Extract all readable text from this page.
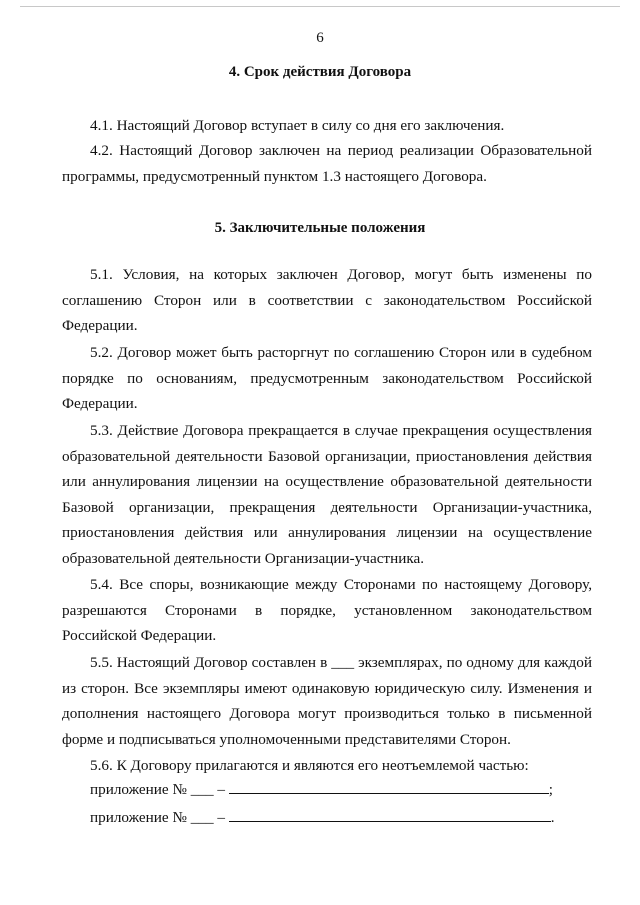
6
4. Срок действия Договора
4.1. Настоящий Договор вступает в силу со дня его заключения.
4.2. Настоящий Договор заключен на период реализации Образовательной программы, предусмотренный пунктом 1.3 настоящего Договора.
5. Заключительные положения
5.1. Условия, на которых заключен Договор, могут быть изменены по соглашению Сторон или в соответствии с законодательством Российской Федерации.
5.2. Договор может быть расторгнут по соглашению Сторон или в судебном порядке по основаниям, предусмотренным законодательством Российской Федерации.
5.3. Действие Договора прекращается в случае прекращения осуществления образовательной деятельности Базовой организации, приостановления действия или аннулирования лицензии на осуществление образовательной деятельности Базовой организации, прекращения деятельности Организации-участника, приостановления действия или аннулирования лицензии на осуществление образовательной деятельности Организации-участника.
5.4. Все споры, возникающие между Сторонами по настоящему Договору, разрешаются Сторонами в порядке, установленном законодательством Российской Федерации.
5.5. Настоящий Договор составлен в ___ экземплярах, по одному для каждой из сторон. Все экземпляры имеют одинаковую юридическую силу. Изменения и дополнения настоящего Договора могут производиться только в письменной форме и подписываться уполномоченными представителями Сторон.
5.6. К Договору прилагаются и являются его неотъемлемой частью:
приложение № ___ –	;
приложение № ___ –	.
